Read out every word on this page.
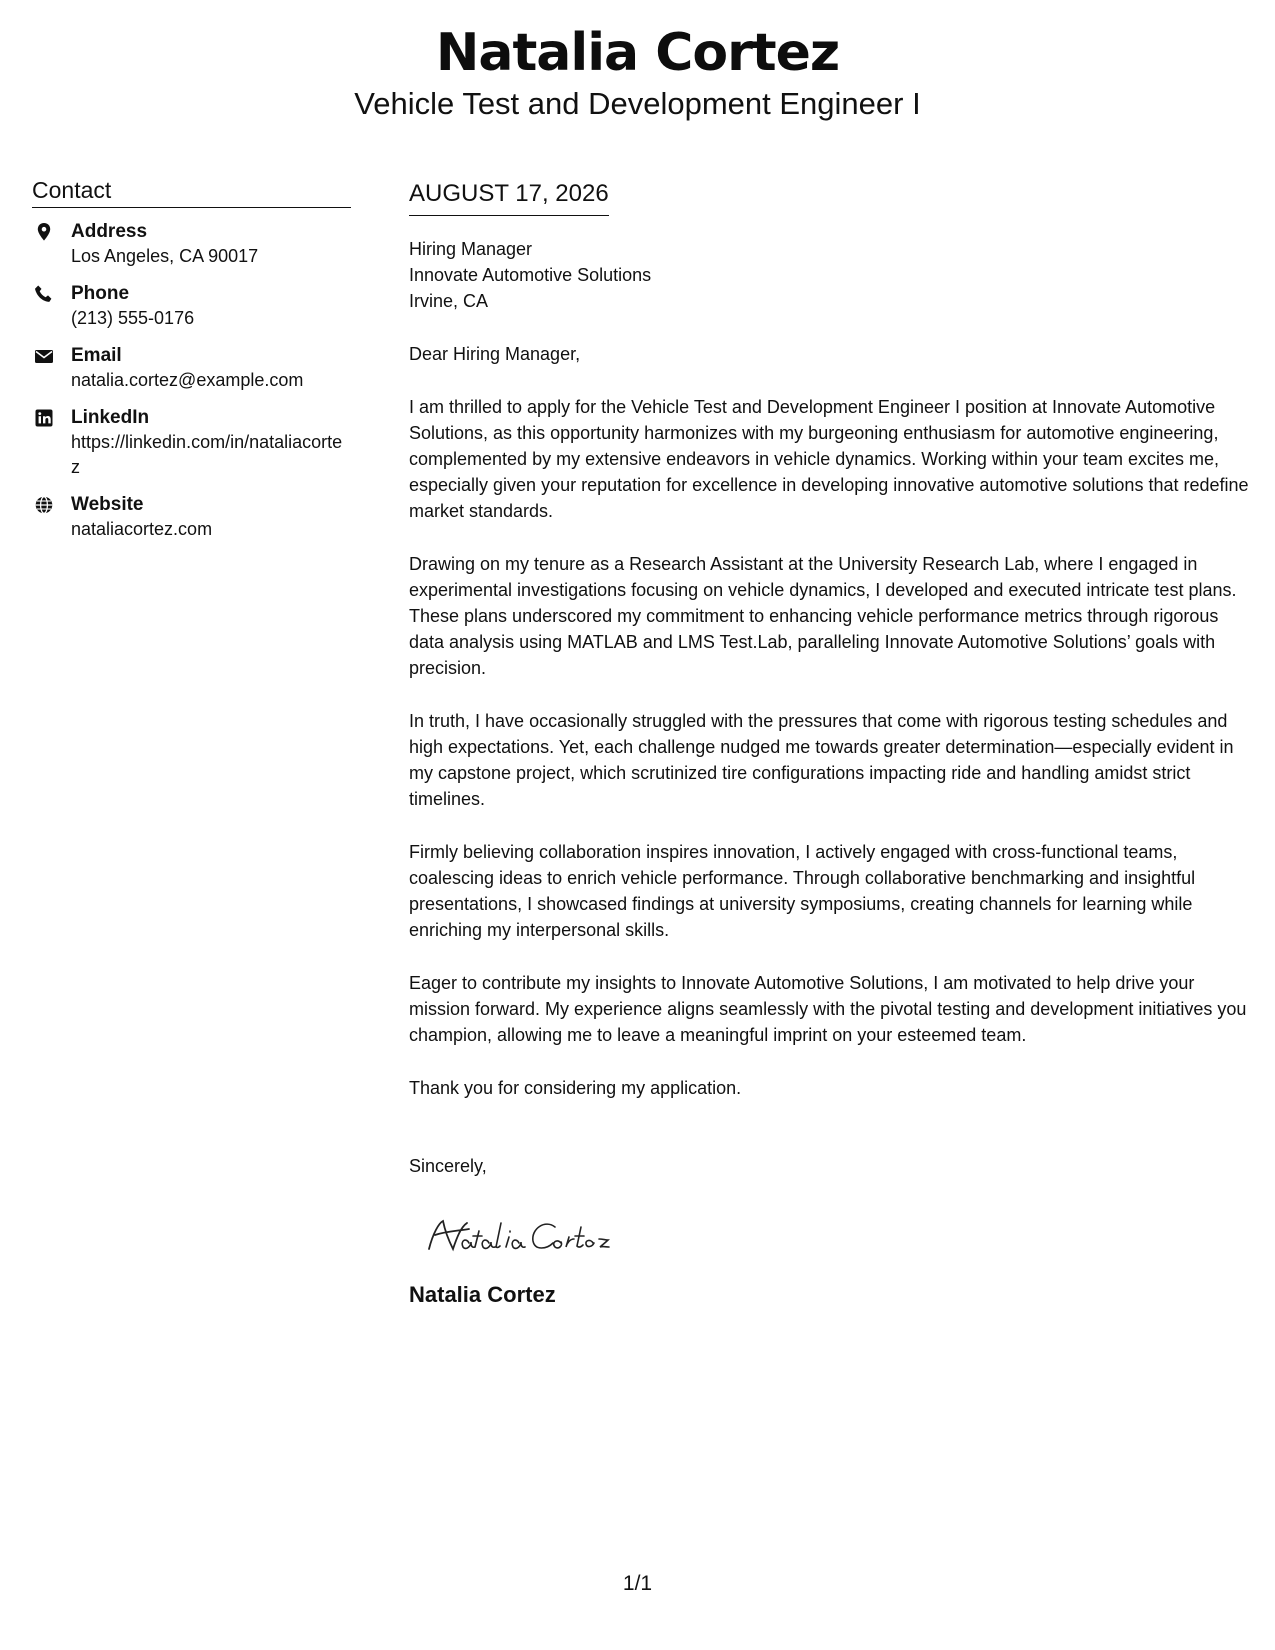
Natalia Cortez
Vehicle Test and Development Engineer I
Contact
Address
Los Angeles, CA 90017
Phone
(213) 555-0176
Email
natalia.cortez@example.com
LinkedIn
https://linkedin.com/in/nataliacortez
Website
nataliacortez.com
AUGUST 17, 2026
Hiring Manager
Innovate Automotive Solutions
Irvine, CA

Dear Hiring Manager,

I am thrilled to apply for the Vehicle Test and Development Engineer I position at Innovate Automotive Solutions, as this opportunity harmonizes with my burgeoning enthusiasm for automotive engineering, complemented by my extensive endeavors in vehicle dynamics. Working within your team excites me, especially given your reputation for excellence in developing innovative automotive solutions that redefine market standards.

Drawing on my tenure as a Research Assistant at the University Research Lab, where I engaged in experimental investigations focusing on vehicle dynamics, I developed and executed intricate test plans. These plans underscored my commitment to enhancing vehicle performance metrics through rigorous data analysis using MATLAB and LMS Test.Lab, paralleling Innovate Automotive Solutions’ goals with precision.

In truth, I have occasionally struggled with the pressures that come with rigorous testing schedules and high expectations. Yet, each challenge nudged me towards greater determination—especially evident in my capstone project, which scrutinized tire configurations impacting ride and handling amidst strict timelines.

Firmly believing collaboration inspires innovation, I actively engaged with cross-functional teams, coalescing ideas to enrich vehicle performance. Through collaborative benchmarking and insightful presentations, I showcased findings at university symposiums, creating channels for learning while enriching my interpersonal skills.

Eager to contribute my insights to Innovate Automotive Solutions, I am motivated to help drive your mission forward. My experience aligns seamlessly with the pivotal testing and development initiatives you champion, allowing me to leave a meaningful imprint on your esteemed team.

Thank you for considering my application.

Sincerely,

Natalia Cortez
1/1
